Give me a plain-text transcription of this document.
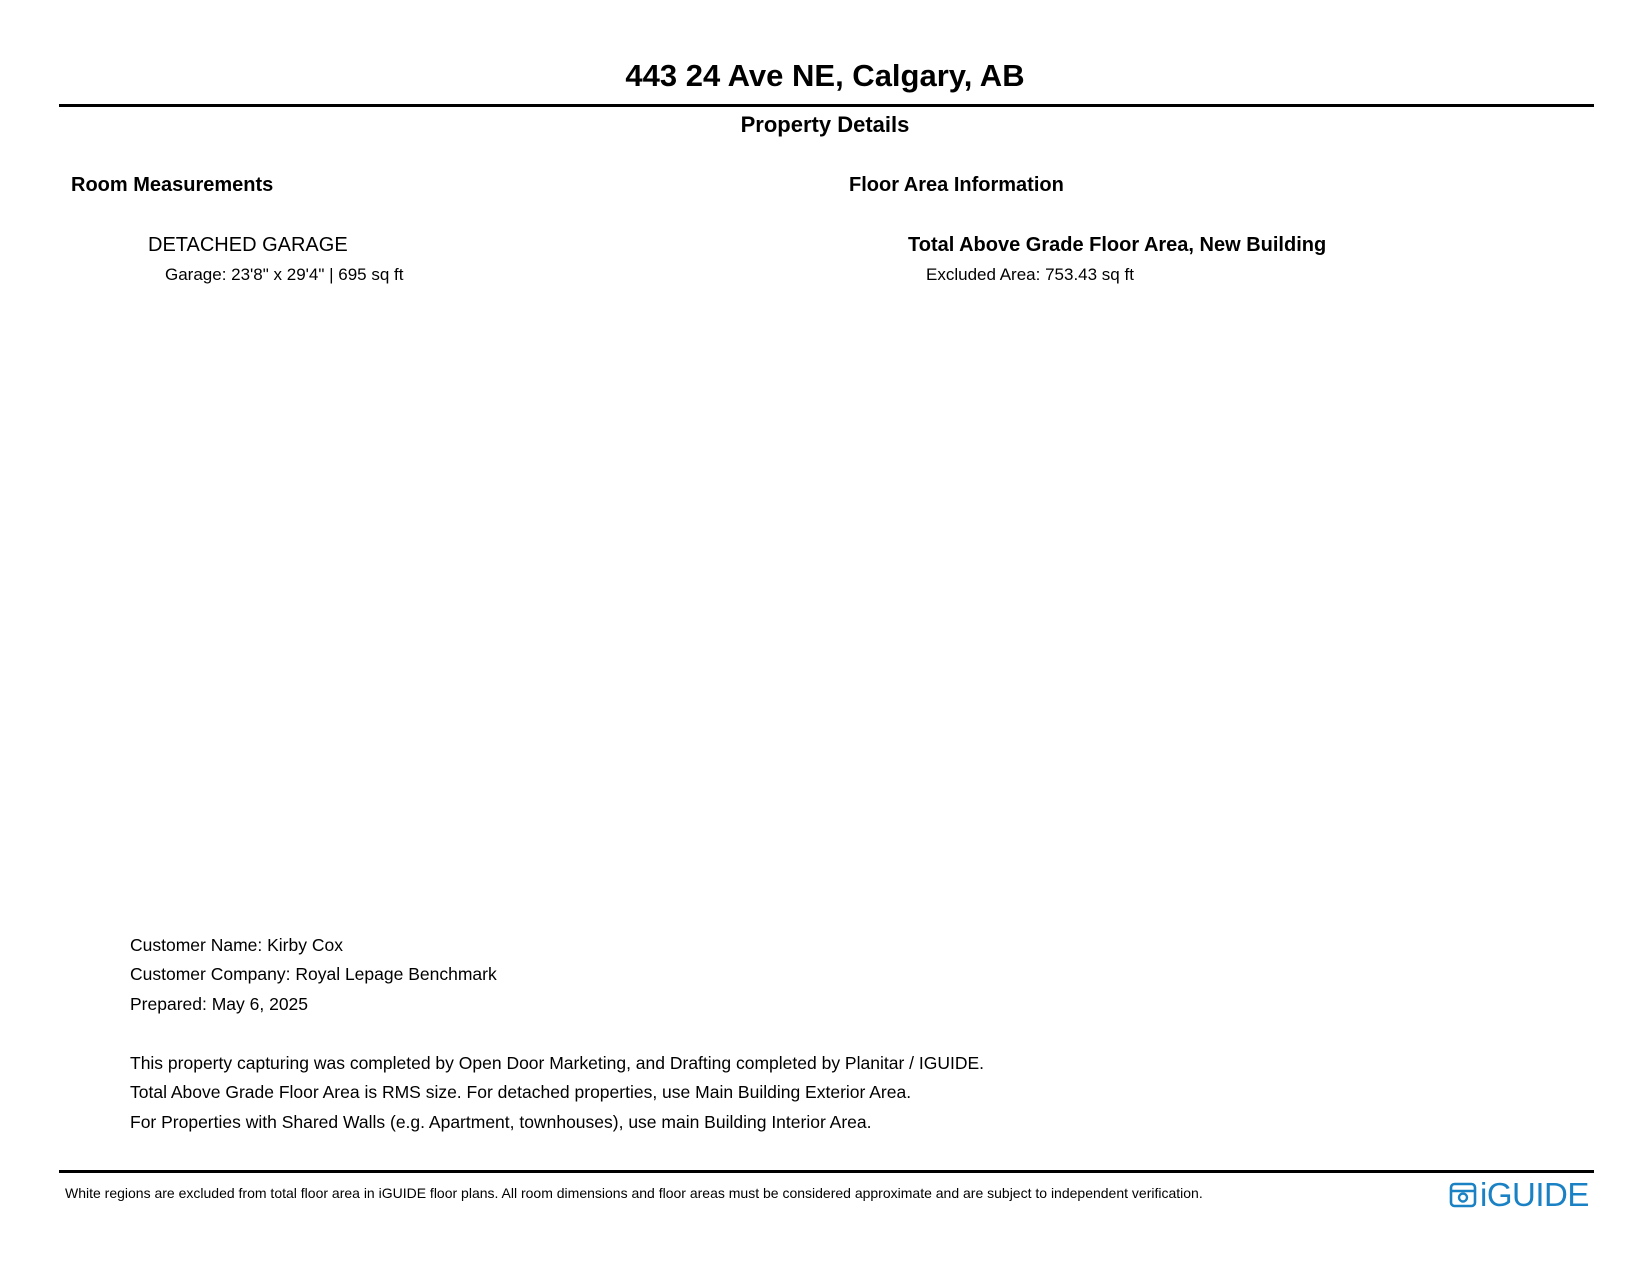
443 24 Ave NE, Calgary, AB
Property Details
Room Measurements
DETACHED GARAGE
Garage: 23'8" x 29'4" | 695 sq ft
Floor Area Information
Total Above Grade Floor Area, New Building
Excluded Area: 753.43 sq ft
Customer Name: Kirby Cox
Customer Company: Royal Lepage Benchmark
Prepared: May 6, 2025
This property capturing was completed by Open Door Marketing, and Drafting completed by Planitar / IGUIDE.
Total Above Grade Floor Area is RMS size. For detached properties, use Main Building Exterior Area.
For Properties with Shared Walls (e.g. Apartment, townhouses), use main Building Interior Area.
White regions are excluded from total floor area in iGUIDE floor plans. All room dimensions and floor areas must be considered approximate and are subject to independent verification.	iGUIDE
